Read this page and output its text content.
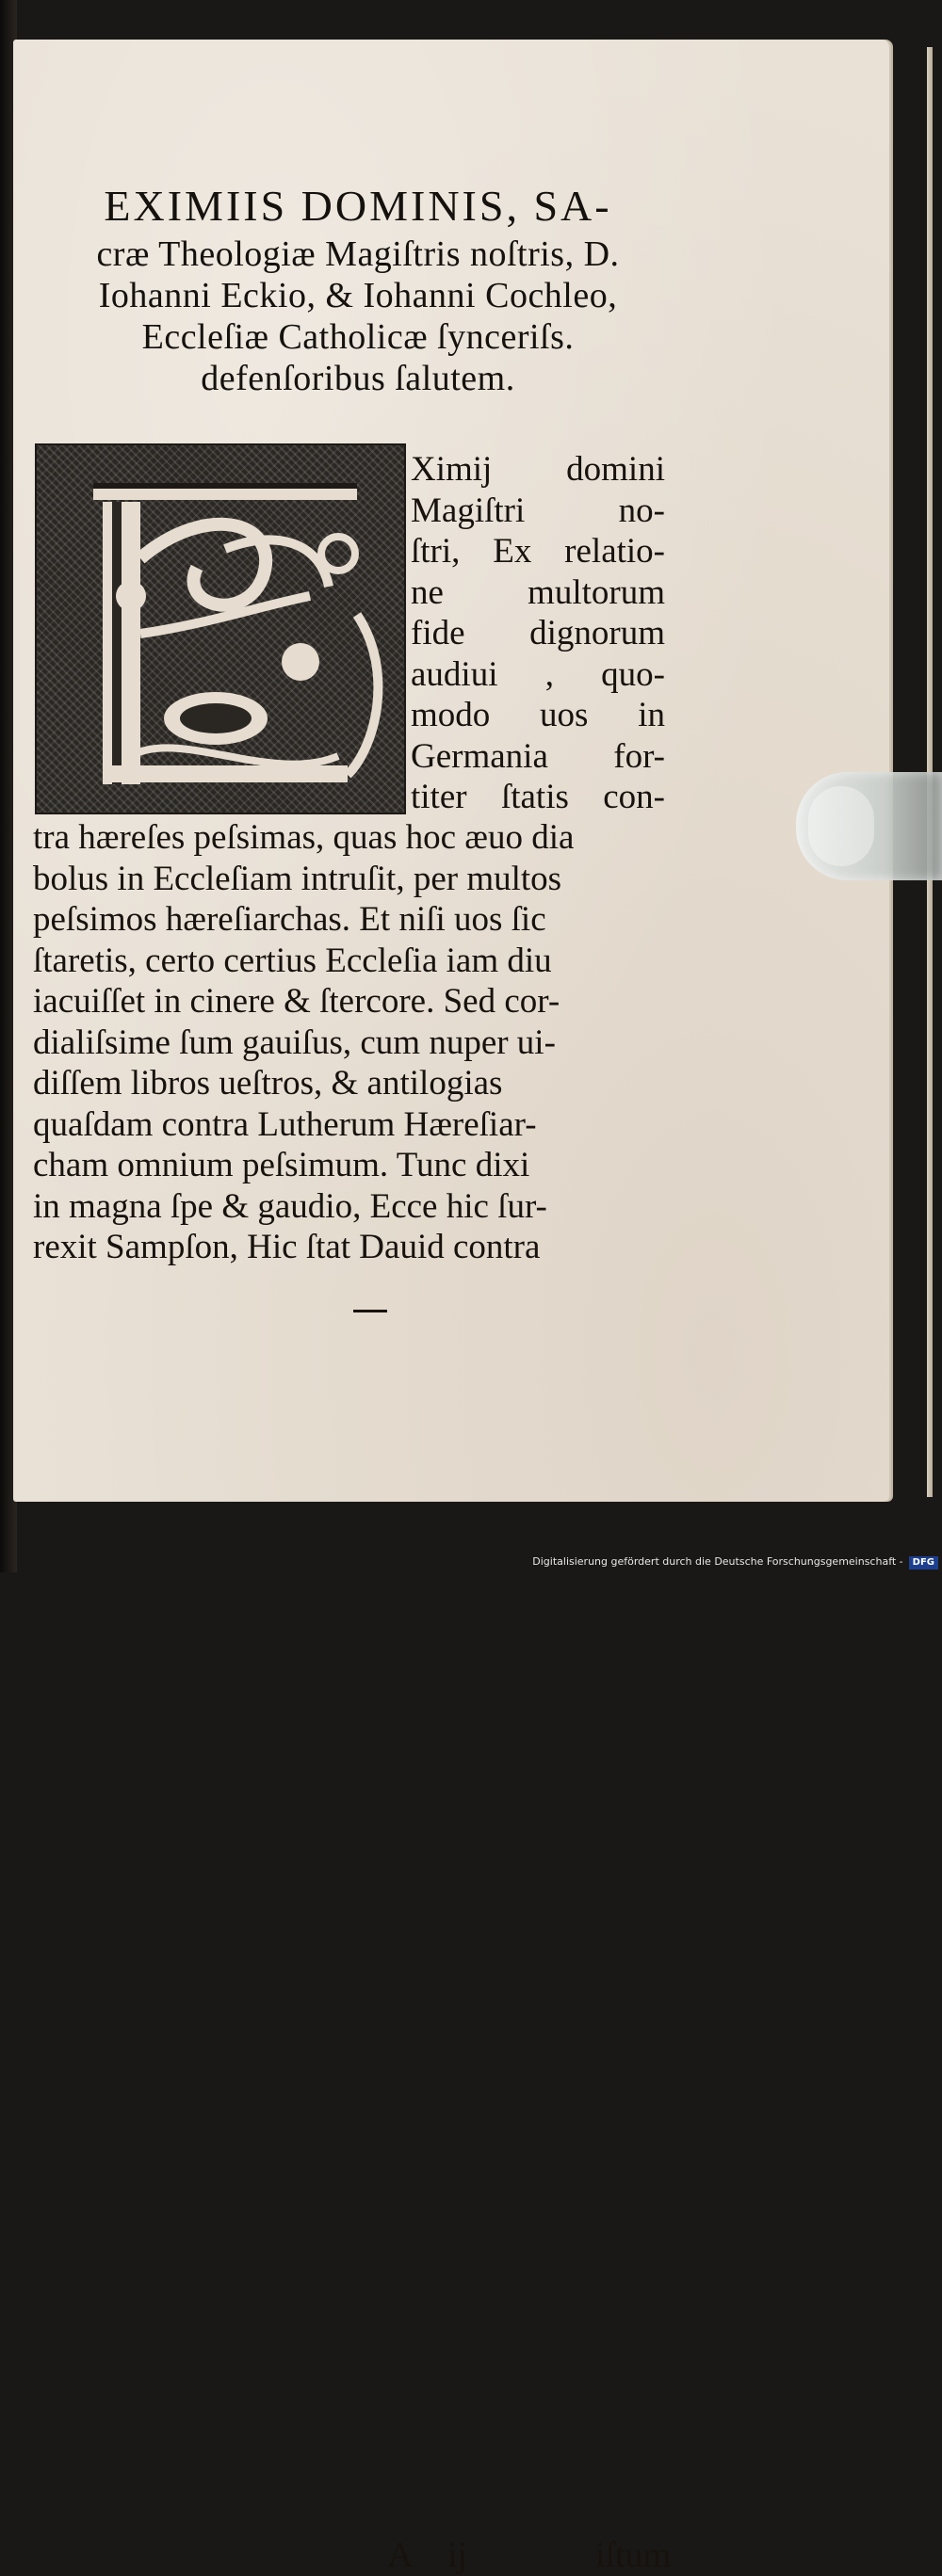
EXIMIIS DOMINIS, SA-
cræ Theologiæ Magiſtris noſtris, D.
Iohanni Eckio, & Iohanni Cochleo,
Eccleſiæ Catholicæ ſynceriſs.
defenſoribus ſalutem.
Ximij domini
Magiſtri no-
ſtri, Ex relatio-
ne multorum
fide dignorum
audiui , quo-
modo uos in
Germania for-
titer ſtatis con-
tra hæreſes peſsimas, quas hoc æuo dia
bolus in Eccleſiam intruſit, per multos
peſsimos hæreſiarchas. Et niſi uos ſic
ſtaretis, certo certius Eccleſia iam diu
iacuiſſet in cinere & ſtercore. Sed cor-
dialiſsime ſum gauiſus, cum nuper ui-
diſſem libros ueſtros, & antilogias
quaſdam contra Lutherum Hæreſiar-
cham omnium peſsimum. Tunc dixi
in magna ſpe & gaudio, Ecce hic ſur-
rexit Sampſon, Hic ſtat Dauid contra
A ij	iſtum
Digitalisierung gefördert durch die Deutsche Forschungsgemeinschaft - DFG
